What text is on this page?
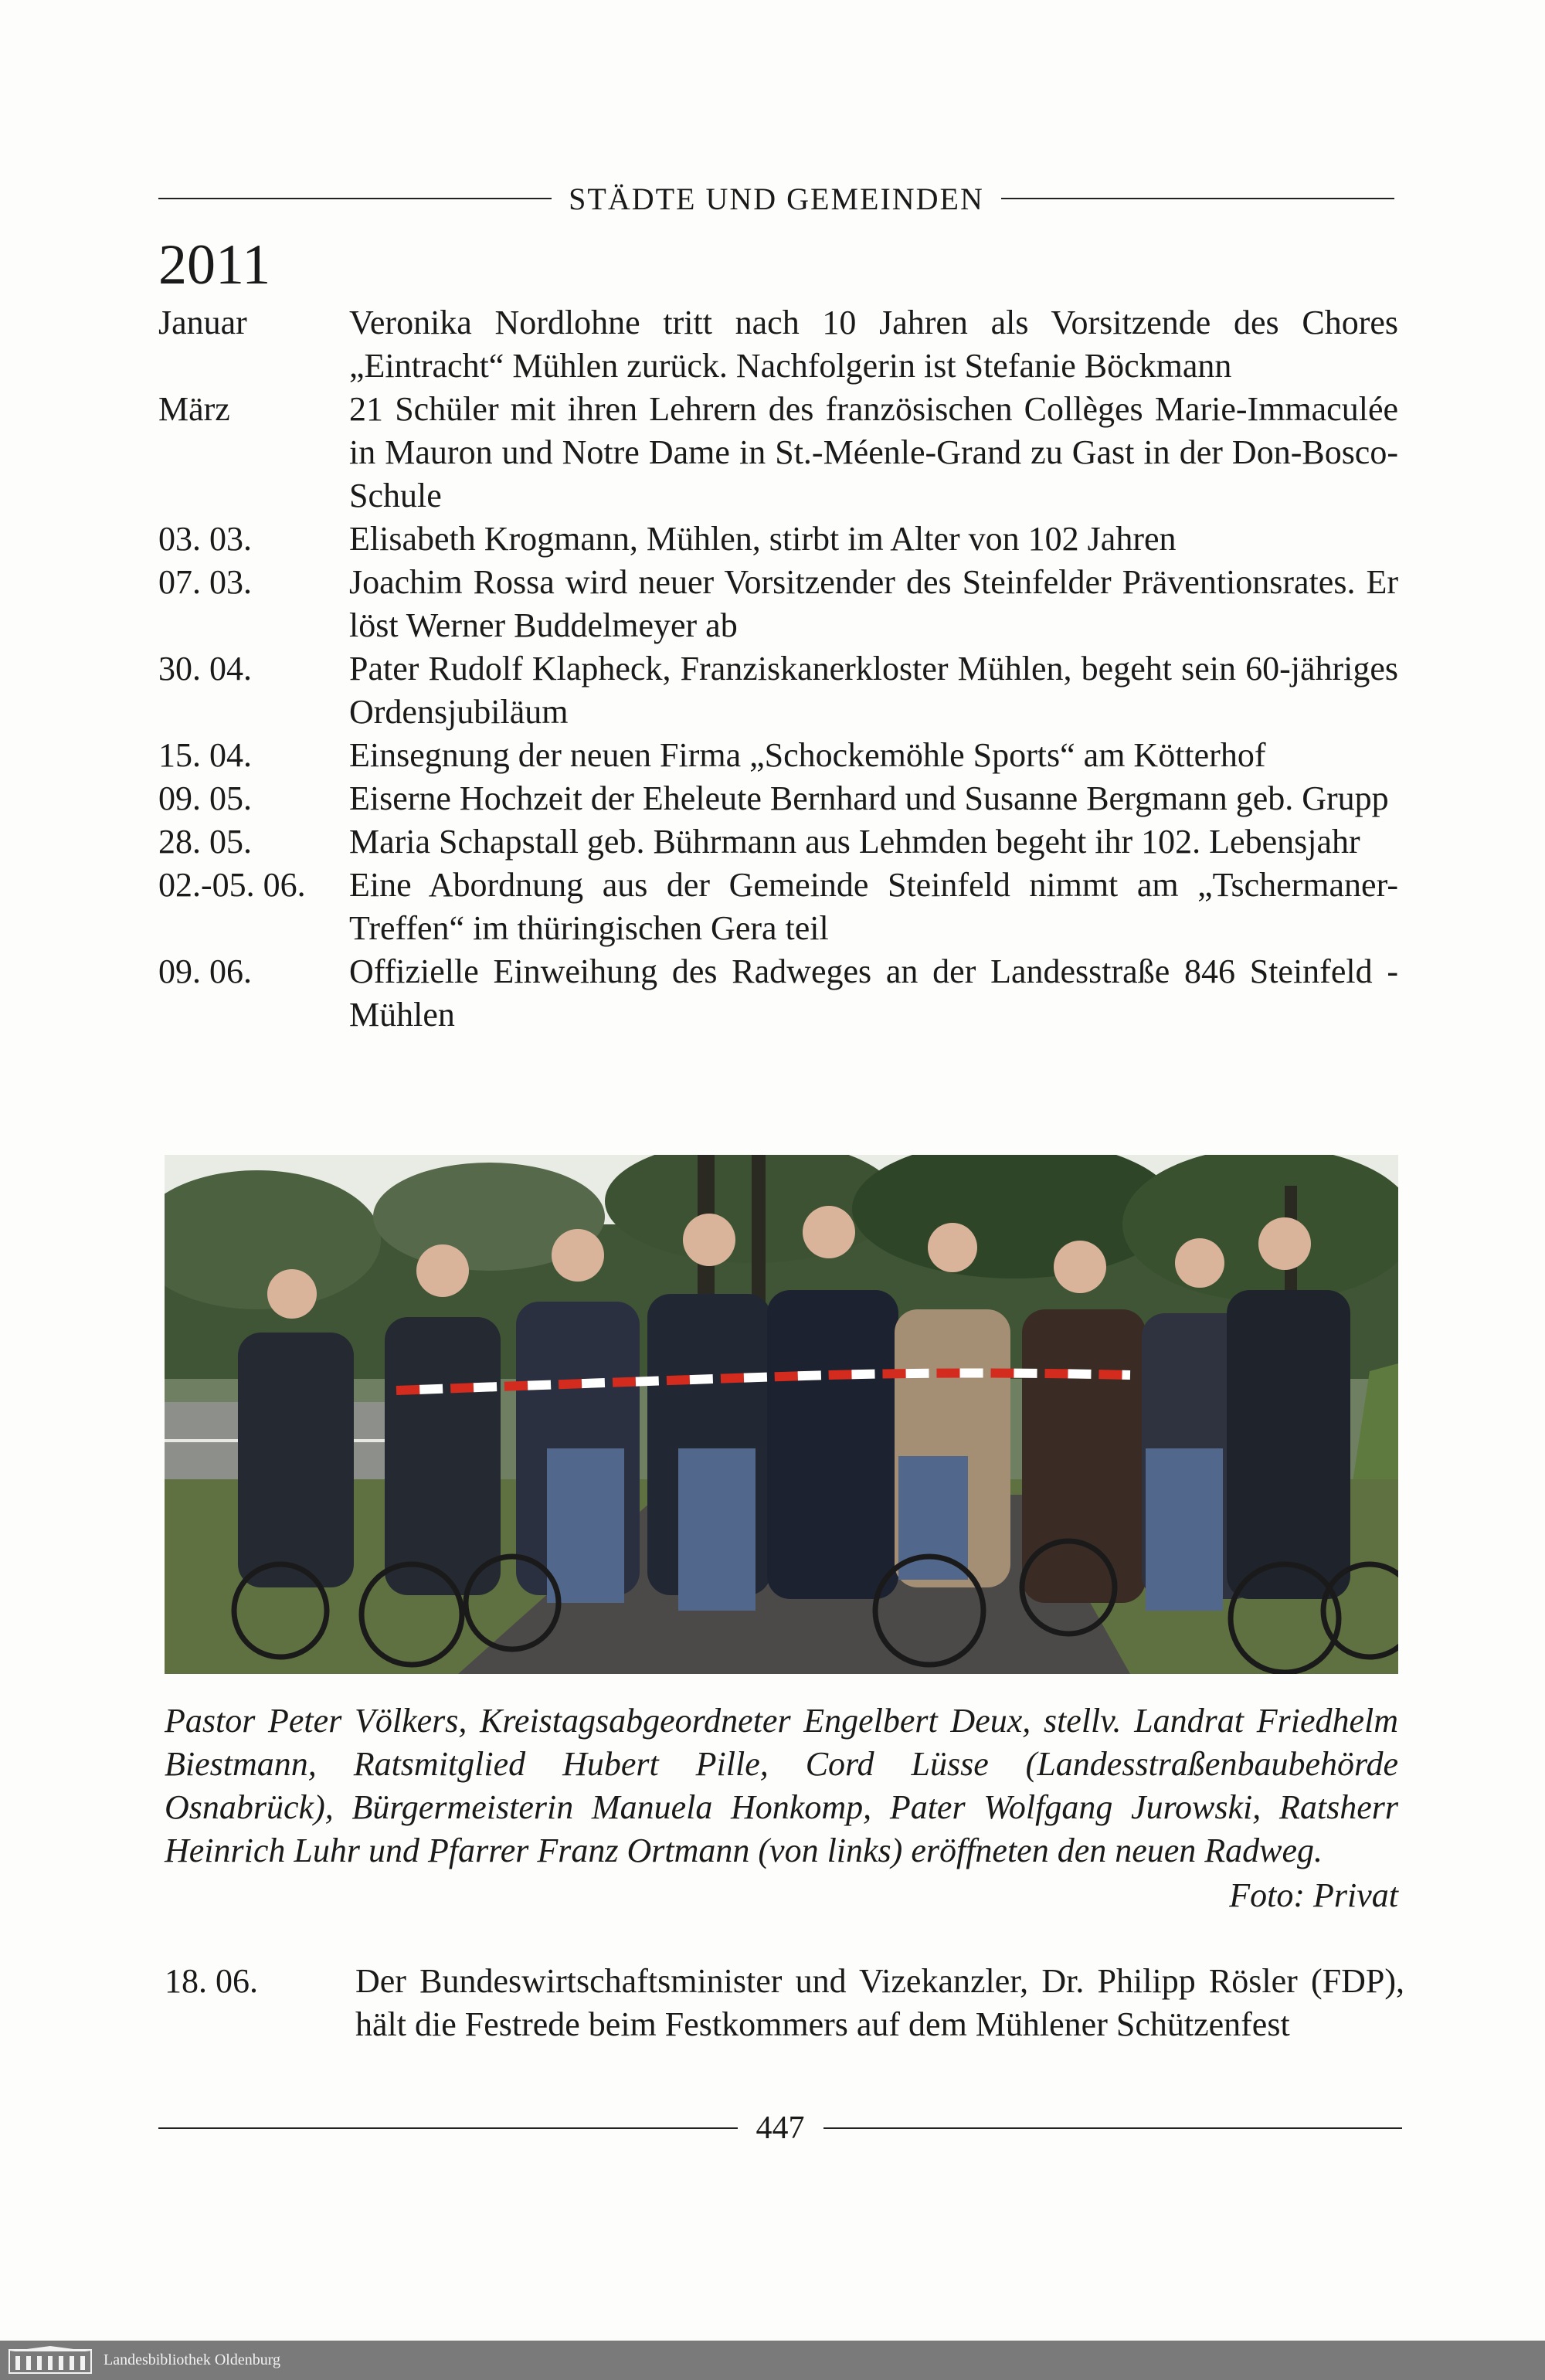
STÄDTE UND GEMEINDEN
2011
Januar	Veronika Nordlohne tritt nach 10 Jahren als Vorsitzende des Chores „Eintracht“ Mühlen zurück. Nachfolgerin ist Stefanie Böckmann
März	21 Schüler mit ihren Lehrern des französischen Collèges Marie-Immaculée in Mauron und Notre Dame in St.-Méenle-Grand zu Gast in der Don-Bosco-Schule
03. 03.	Elisabeth Krogmann, Mühlen, stirbt im Alter von 102 Jahren
07. 03.	Joachim Rossa wird neuer Vorsitzender des Steinfelder Präventionsrates. Er löst Werner Buddelmeyer ab
30. 04.	Pater Rudolf Klapheck, Franziskanerkloster Mühlen, begeht sein 60-jähriges Ordensjubiläum
15. 04.	Einsegnung der neuen Firma „Schockemöhle Sports“ am Kötterhof
09. 05.	Eiserne Hochzeit der Eheleute Bernhard und Susanne Bergmann geb. Grupp
28. 05.	Maria Schapstall geb. Bührmann aus Lehmden begeht ihr 102. Lebensjahr
02.-05. 06.	Eine Abordnung aus der Gemeinde Steinfeld nimmt am „Tschermaner-Treffen“ im thüringischen Gera teil
09. 06.	Offizielle Einweihung des Radweges an der Landesstraße 846 Steinfeld - Mühlen
Pastor Peter Völkers, Kreistagsabgeordneter Engelbert Deux, stellv. Landrat Friedhelm Biestmann, Ratsmitglied Hubert Pille, Cord Lüsse (Landesstraßenbaubehörde Osnabrück), Bürgermeisterin Manuela Honkomp, Pater Wolfgang Jurowski, Ratsherr Heinrich Luhr und Pfarrer Franz Ortmann (von links) eröffneten den neuen Radweg.
Foto: Privat
18. 06.	Der Bundeswirtschaftsminister und Vizekanzler, Dr. Philipp Rösler (FDP), hält die Festrede beim Festkommers auf dem Mühlener Schützenfest
447
Landesbibliothek Oldenburg
